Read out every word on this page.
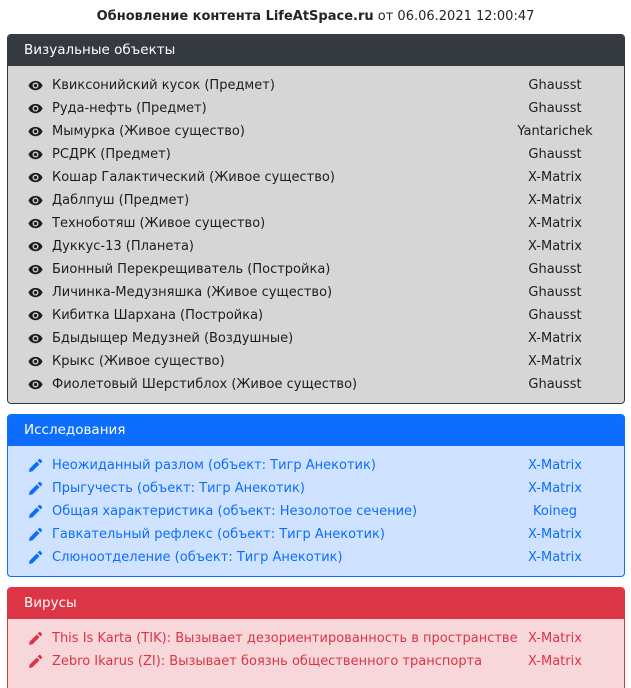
Обновление контента LifeAtSpace.ru от 06.06.2021 12:00:47
Визуальные объекты
Квиксонийский кусок (Предмет)	Ghausst
Руда-нефть (Предмет)	Ghausst
Мымурка (Живое существо)	Yantarichek
РСДРК (Предмет)	Ghausst
Кошар Галактический (Живое существо)	X-Matrix
Даблпуш (Предмет)	X-Matrix
Техноботяш (Живое существо)	X-Matrix
Дуккус-13 (Планета)	X-Matrix
Бионный Перекрещиватель (Постройка)	Ghausst
Личинка-Медузняшка (Живое существо)	Ghausst
Кибитка Шархана (Постройка)	Ghausst
Бдыдыщер Медузней (Воздушные)	X-Matrix
Крыкс (Живое существо)	X-Matrix
Фиолетовый Шерстиблох (Живое существо)	Ghausst
Исследования
Неожиданный разлом (объект: Тигр Анекотик)	X-Matrix
Прыгучесть (объект: Тигр Анекотик)	X-Matrix
Общая характеристика (объект: Незолотое сечение)	Koineg
Гавкательный рефлекс (объект: Тигр Анекотик)	X-Matrix
Слюноотделение (объект: Тигр Анекотик)	X-Matrix
Вирусы
This Is Karta (TIK): Вызывает дезориентированность в пространстве X-Matrix
Zebro Ikarus (ZI): Вызывает боязнь общественного транспорта	X-Matrix
